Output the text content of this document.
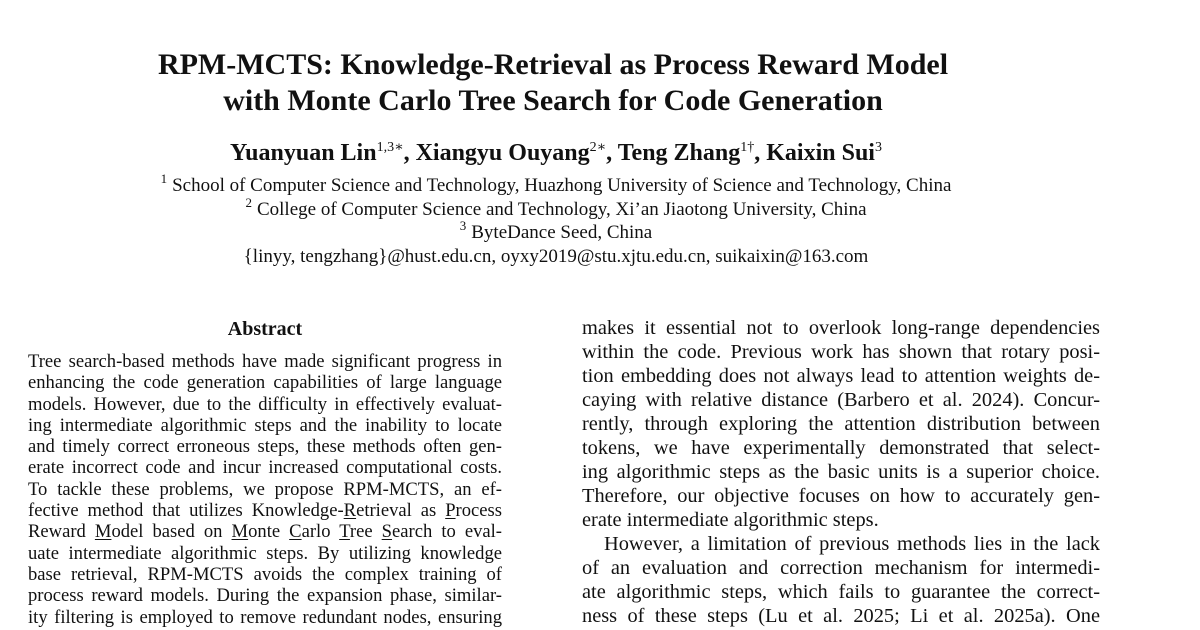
RPM-MCTS: Knowledge-Retrieval as Process Reward Model
with Monte Carlo Tree Search for Code Generation
Yuanyuan Lin$^{1,3∗}$, Xiangyu Ouyang$^{2∗}$, Teng Zhang$^{1\dagger}$, Kaixin Sui$^3$
$^1$ School of Computer Science and Technology, Huazhong University of Science and Technology, China
$^2$ College of Computer Science and Technology, Xi’an Jiaotong University, China
$^3$ ByteDance Seed, China
{linyy, tengzhang}@hust.edu.cn, oyxy2019@stu.xjtu.edu.cn, suikaixin@163.com
Abstract
Tree search-based methods have made significant progress in
enhancing the code generation capabilities of large language
models. However, due to the difficulty in effectively evaluat-
ing intermediate algorithmic steps and the inability to locate
and timely correct erroneous steps, these methods often gen-
erate incorrect code and incur increased computational costs.
To tackle these problems, we propose RPM-MCTS, an ef-
fective method that utilizes Knowledge-Retrieval as Process
Reward Model based on Monte Carlo Tree Search to eval-
uate intermediate algorithmic steps. By utilizing knowledge
base retrieval, RPM-MCTS avoids the complex training of
process reward models. During the expansion phase, similar-
ity filtering is employed to remove redundant nodes, ensuring
makes it essential not to overlook long-range dependencies
within the code. Previous work has shown that rotary posi-
tion embedding does not always lead to attention weights de-
caying with relative distance (Barbero et al. 2024). Concur-
rently, through exploring the attention distribution between
tokens, we have experimentally demonstrated that select-
ing algorithmic steps as the basic units is a superior choice.
Therefore, our objective focuses on how to accurately gen-
erate intermediate algorithmic steps.
However, a limitation of previous methods lies in the lack
of an evaluation and correction mechanism for intermedi-
ate algorithmic steps, which fails to guarantee the correct-
ness of these steps (Lu et al. 2025; Li et al. 2025a). One
